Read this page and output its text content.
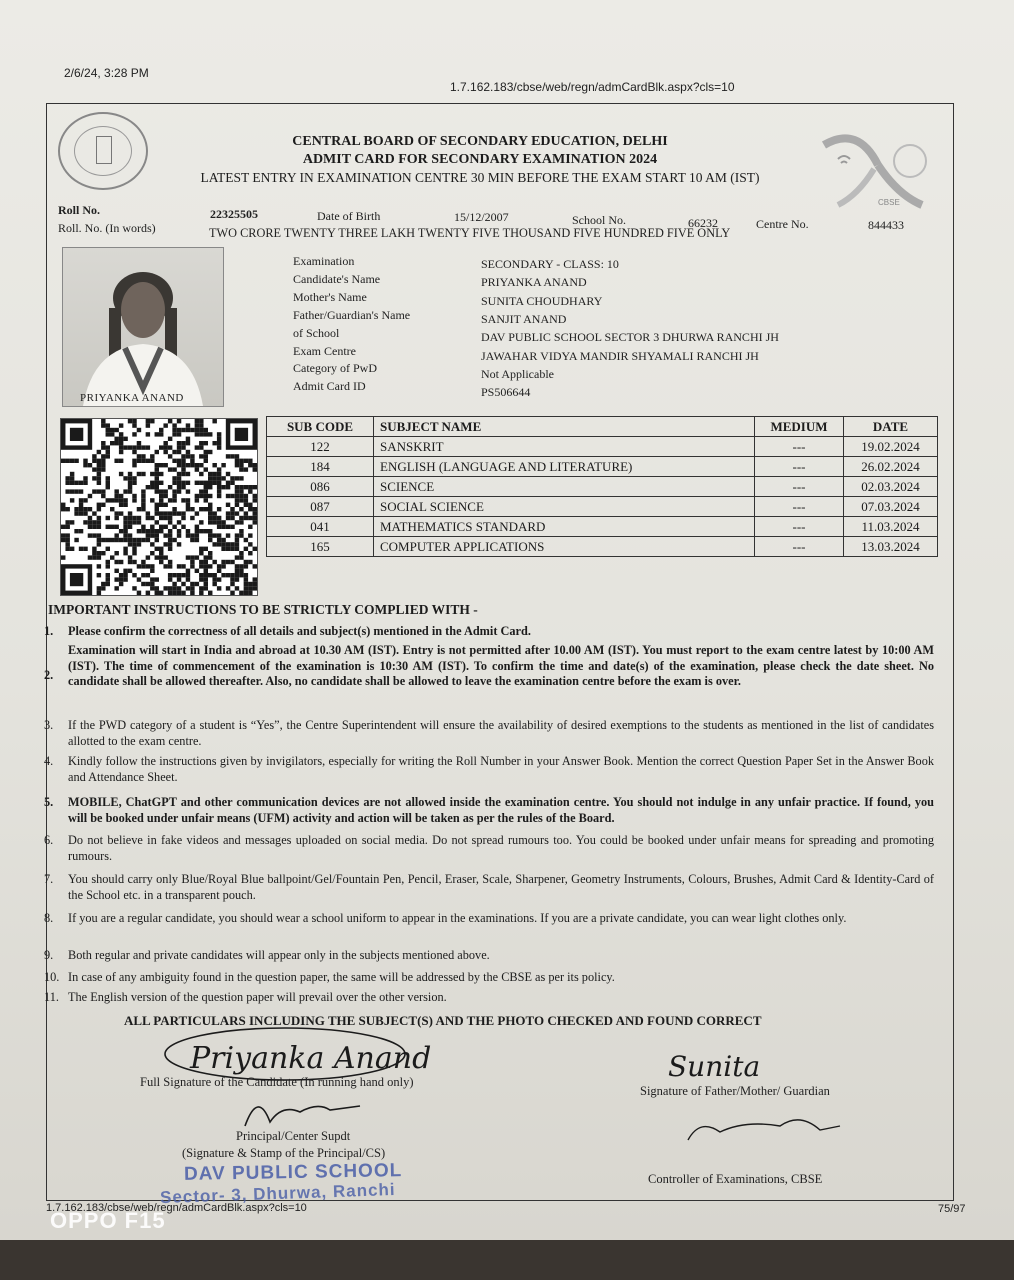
2/6/24, 3:28 PM
1.7.162.183/cbse/web/regn/admCardBlk.aspx?cls=10
CBSE
CENTRAL BOARD OF SECONDARY EDUCATION, DELHI
ADMIT CARD FOR SECONDARY EXAMINATION 2024
LATEST ENTRY IN EXAMINATION CENTRE 30 MIN BEFORE THE EXAM START 10 AM (IST)
Roll No.	22325505	Date of Birth	15/12/2007	School No.	66232	Centre No.	844433
Roll. No. (In words)	TWO CRORE TWENTY THREE LAKH TWENTY FIVE THOUSAND FIVE HUNDRED FIVE ONLY
PRIYANKA ANAND
Examination	SECONDARY - CLASS: 10
Candidate's Name	PRIYANKA ANAND
Mother's Name	SUNITA CHOUDHARY
Father/Guardian's Name	SANJIT ANAND
of School	DAV PUBLIC SCHOOL SECTOR 3 DHURWA RANCHI JH
Exam Centre	JAWAHAR VIDYA MANDIR SHYAMALI RANCHI JH
Category of PwD	Not Applicable
Admit Card ID	PS506644
SUB CODE	SUBJECT NAME	MEDIUM	DATE
122	SANSKRIT	---	19.02.2024
184	ENGLISH (LANGUAGE AND LITERATURE)	---	26.02.2024
086	SCIENCE	---	02.03.2024
087	SOCIAL SCIENCE	---	07.03.2024
041	MATHEMATICS STANDARD	---	11.03.2024
165	COMPUTER APPLICATIONS	---	13.03.2024
IMPORTANT INSTRUCTIONS TO BE STRICTLY COMPLIED WITH -
1.	Please confirm the correctness of all details and subject(s) mentioned in the Admit Card.
2.
Examination will start in India and abroad at 10.30 AM (IST). Entry is not permitted after 10.00 AM (IST). You must report to the exam centre latest by 10:00 AM (IST). The time of commencement of the examination is 10:30 AM (IST). To confirm the time and date(s) of the examination, please check the date sheet. No candidate shall be allowed thereafter. Also, no candidate shall be allowed to leave the examination centre before the exam is over.
3.	If the PWD category of a student is “Yes”, the Centre Superintendent will ensure the availability of desired exemptions to the students as mentioned in the list of candidates allotted to the exam centre.
4.	Kindly follow the instructions given by invigilators, especially for writing the Roll Number in your Answer Book. Mention the correct Question Paper Set in the Answer Book and Attendance Sheet.
5.	MOBILE, ChatGPT and other communication devices are not allowed inside the examination centre. You should not indulge in any unfair practice. If found, you will be booked under unfair means (UFM) activity and action will be taken as per the rules of the Board.
6.	Do not believe in fake videos and messages uploaded on social media. Do not spread rumours too. You could be booked under unfair means for spreading and promoting rumours.
7.	You should carry only Blue/Royal Blue ballpoint/Gel/Fountain Pen, Pencil, Eraser, Scale, Sharpener, Geometry Instruments, Colours, Brushes, Admit Card & Identity-Card of the School etc. in a transparent pouch.
8.	If you are a regular candidate, you should wear a school uniform to appear in the examinations. If you are a private candidate, you can wear light clothes only.
9.	Both regular and private candidates will appear only in the subjects mentioned above.
10. In case of any ambiguity found in the question paper, the same will be addressed by the CBSE as per its policy.
11. The English version of the question paper will prevail over the other version.
ALL PARTICULARS INCLUDING THE SUBJECT(S) AND THE PHOTO CHECKED AND FOUND CORRECT
Priyanka Anand	Sunita
Full Signature of the Candidate (In running hand only)
Signature of Father/Mother/ Guardian
Principal/Center Supdt
(Signature & Stamp of the Principal/CS)
Controller of Examinations, CBSE
DAV PUBLIC SCHOOL
Sector- 3, Dhurwa, Ranchi
1.7.162.183/cbse/web/regn/admCardBlk.aspx?cls=10	75/97
OPPO F15
